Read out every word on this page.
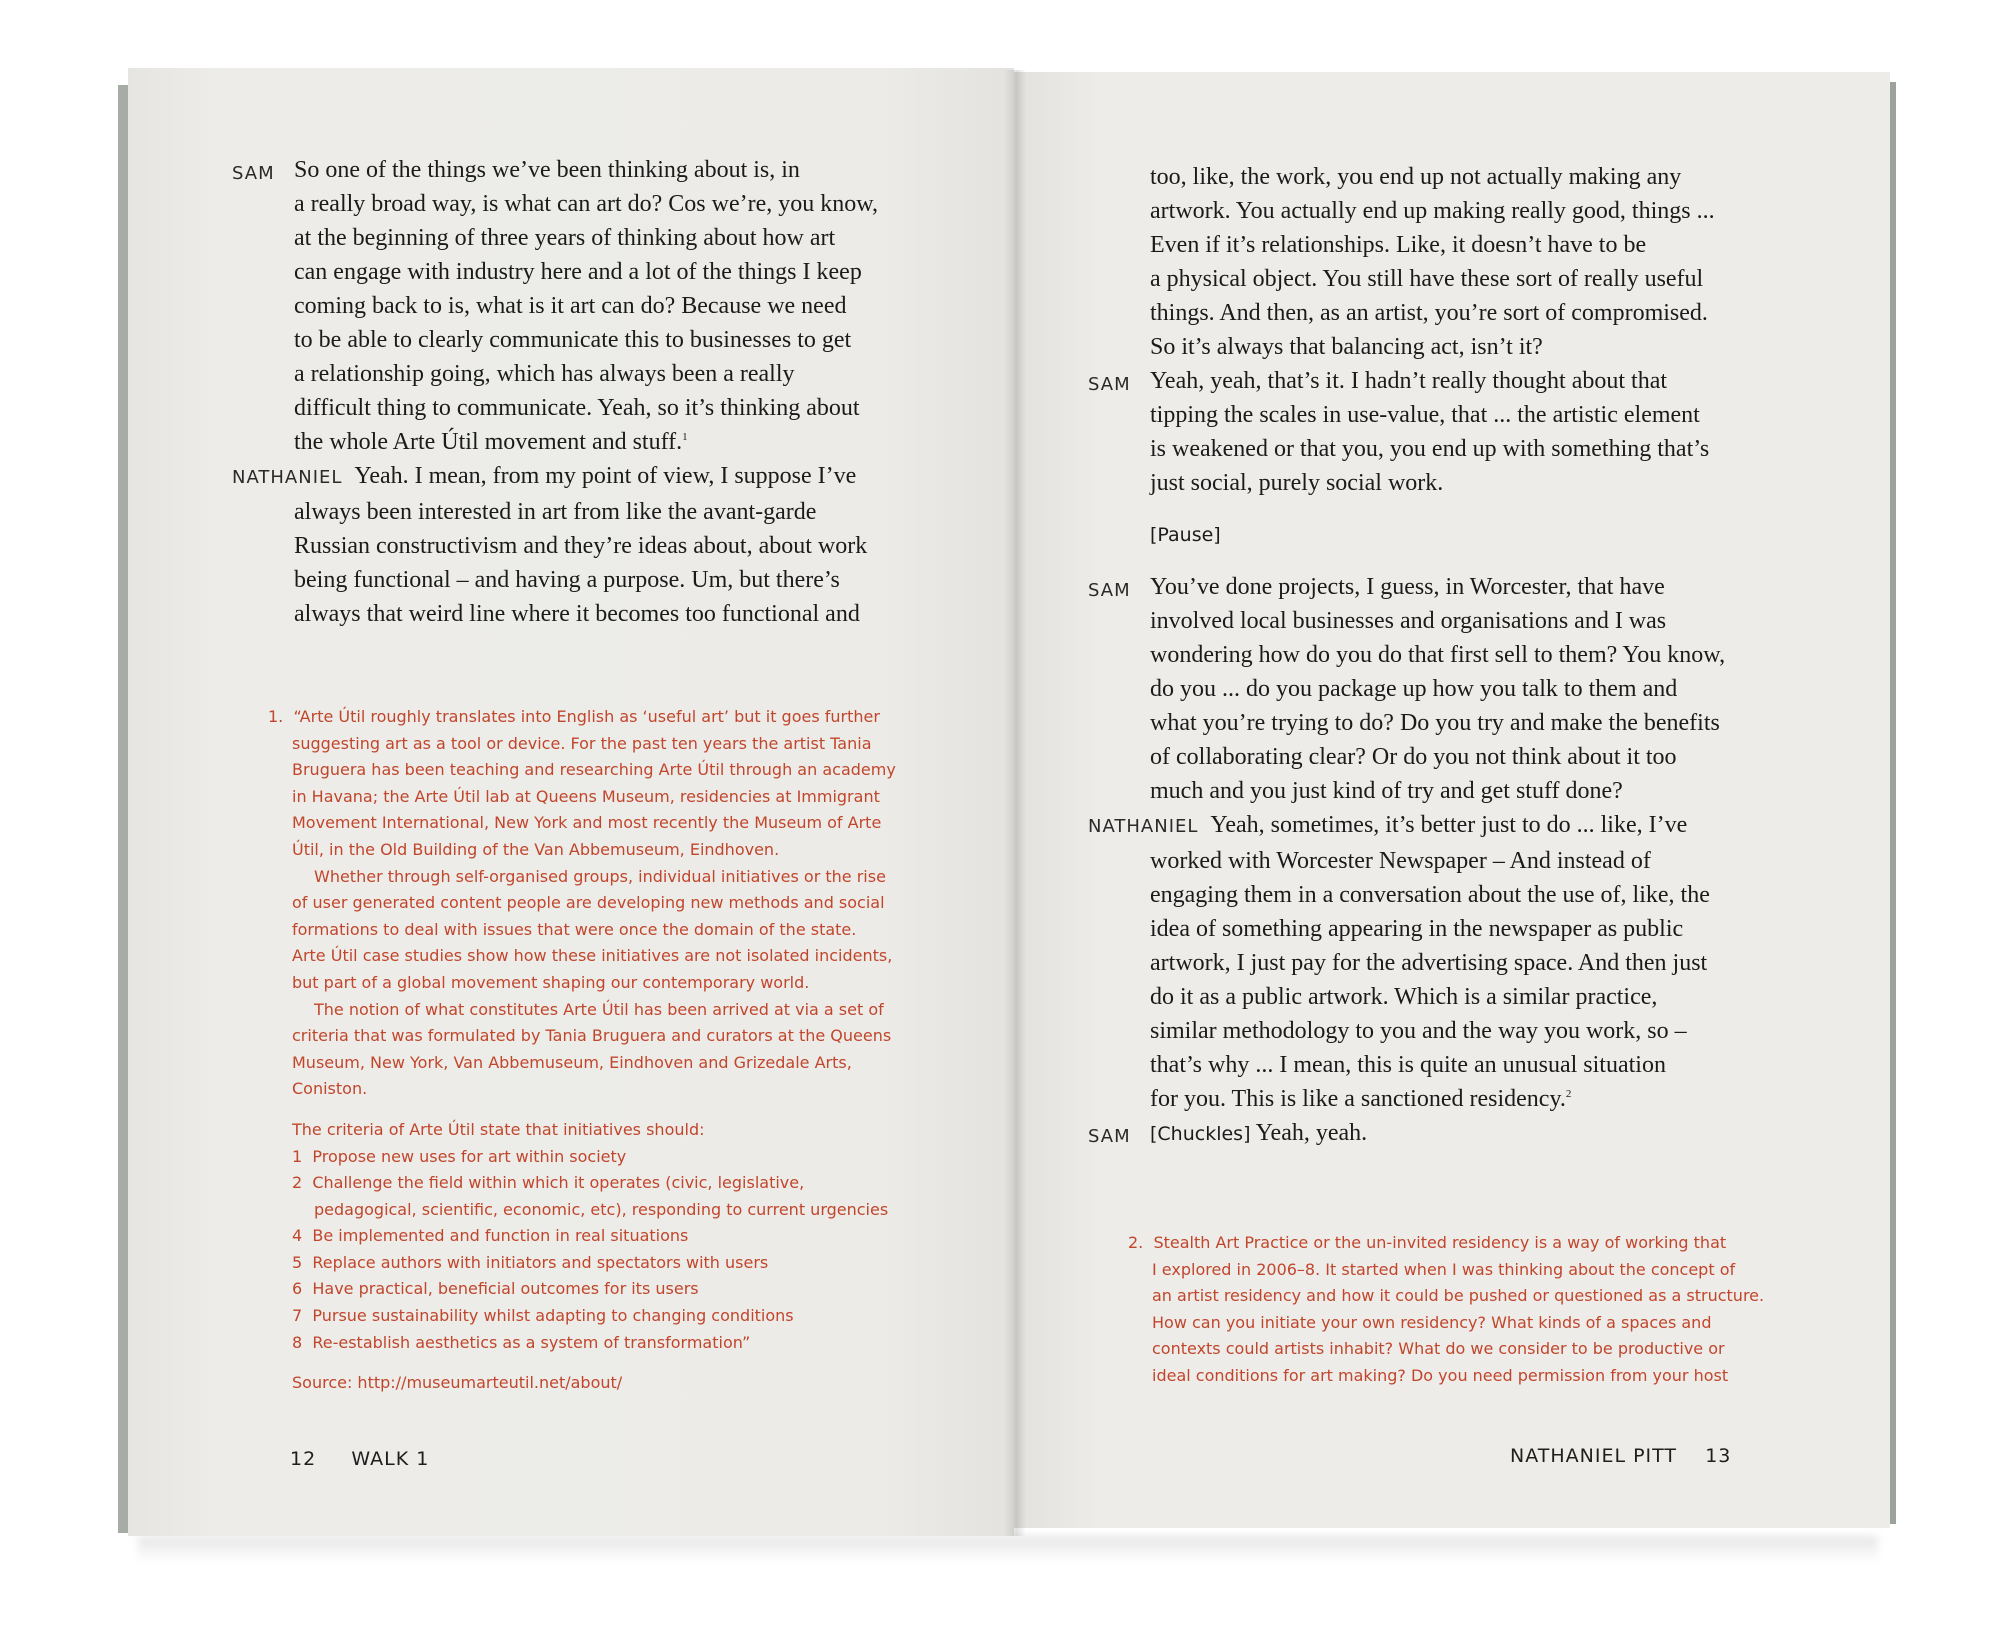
SAM So one of the things we’ve been thinking about is, in
a really broad way, is what can art do? Cos we’re, you know,
at the beginning of three years of thinking about how art
can engage with industry here and a lot of the things I keep
coming back to is, what is it art can do? Because we need
to be able to clearly communicate this to businesses to get
a relationship going, which has always been a really
difficult thing to communicate. Yeah, so it’s thinking about
the whole Arte Útil movement and stuff.$^1$
NATHANIEL Yeah. I mean, from my point of view, I suppose I’ve
always been interested in art from like the avant-garde
Russian constructivism and they’re ideas about, about work
being functional – and having a purpose. Um, but there’s
always that weird line where it becomes too functional and
1. “Arte Útil roughly translates into English as ‘useful art’ but it goes further
suggesting art as a tool or device. For the past ten years the artist Tania
Bruguera has been teaching and researching Arte Útil through an academy
in Havana; the Arte Útil lab at Queens Museum, residencies at Immigrant
Movement International, New York and most recently the Museum of Arte
Útil, in the Old Building of the Van Abbemuseum, Eindhoven.
Whether through self-organised groups, individual initiatives or the rise
of user generated content people are developing new methods and social
formations to deal with issues that were once the domain of the state.
Arte Útil case studies show how these initiatives are not isolated incidents,
but part of a global movement shaping our contemporary world.
The notion of what constitutes Arte Útil has been arrived at via a set of
criteria that was formulated by Tania Bruguera and curators at the Queens
Museum, New York, Van Abbemuseum, Eindhoven and Grizedale Arts,
Coniston.
The criteria of Arte Útil state that initiatives should:
1 Propose new uses for art within society
2 Challenge the field within which it operates (civic, legislative,
pedagogical, scientific, economic, etc), responding to current urgencies
4 Be implemented and function in real situations
5 Replace authors with initiators and spectators with users
6 Have practical, beneficial outcomes for its users
7 Pursue sustainability whilst adapting to changing conditions
8 Re-establish aesthetics as a system of transformation”
Source: http://museumarteutil.net/about/
12 WALK 1
too, like, the work, you end up not actually making any
artwork. You actually end up making really good, things ...
Even if it’s relationships. Like, it doesn’t have to be
a physical object. You still have these sort of really useful
things. And then, as an artist, you’re sort of compromised.
So it’s always that balancing act, isn’t it?
SAM Yeah, yeah, that’s it. I hadn’t really thought about that
tipping the scales in use-value, that ... the artistic element
is weakened or that you, you end up with something that’s
just social, purely social work.
[Pause]
SAM You’ve done projects, I guess, in Worcester, that have
involved local businesses and organisations and I was
wondering how do you do that first sell to them? You know,
do you ... do you package up how you talk to them and
what you’re trying to do? Do you try and make the benefits
of collaborating clear? Or do you not think about it too
much and you just kind of try and get stuff done?
NATHANIEL Yeah, sometimes, it’s better just to do ... like, I’ve
worked with Worcester Newspaper – And instead of
engaging them in a conversation about the use of, like, the
idea of something appearing in the newspaper as public
artwork, I just pay for the advertising space. And then just
do it as a public artwork. Which is a similar practice,
similar methodology to you and the way you work, so –
that’s why ... I mean, this is quite an unusual situation
for you. This is like a sanctioned residency.$^2$
SAM	[Chuckles] Yeah, yeah.
2. Stealth Art Practice or the un-invited residency is a way of working that
I explored in 2006–8. It started when I was thinking about the concept of
an artist residency and how it could be pushed or questioned as a structure.
How can you initiate your own residency? What kinds of a spaces and
contexts could artists inhabit? What do we consider to be productive or
ideal conditions for art making? Do you need permission from your host
NATHANIEL PITT 13
